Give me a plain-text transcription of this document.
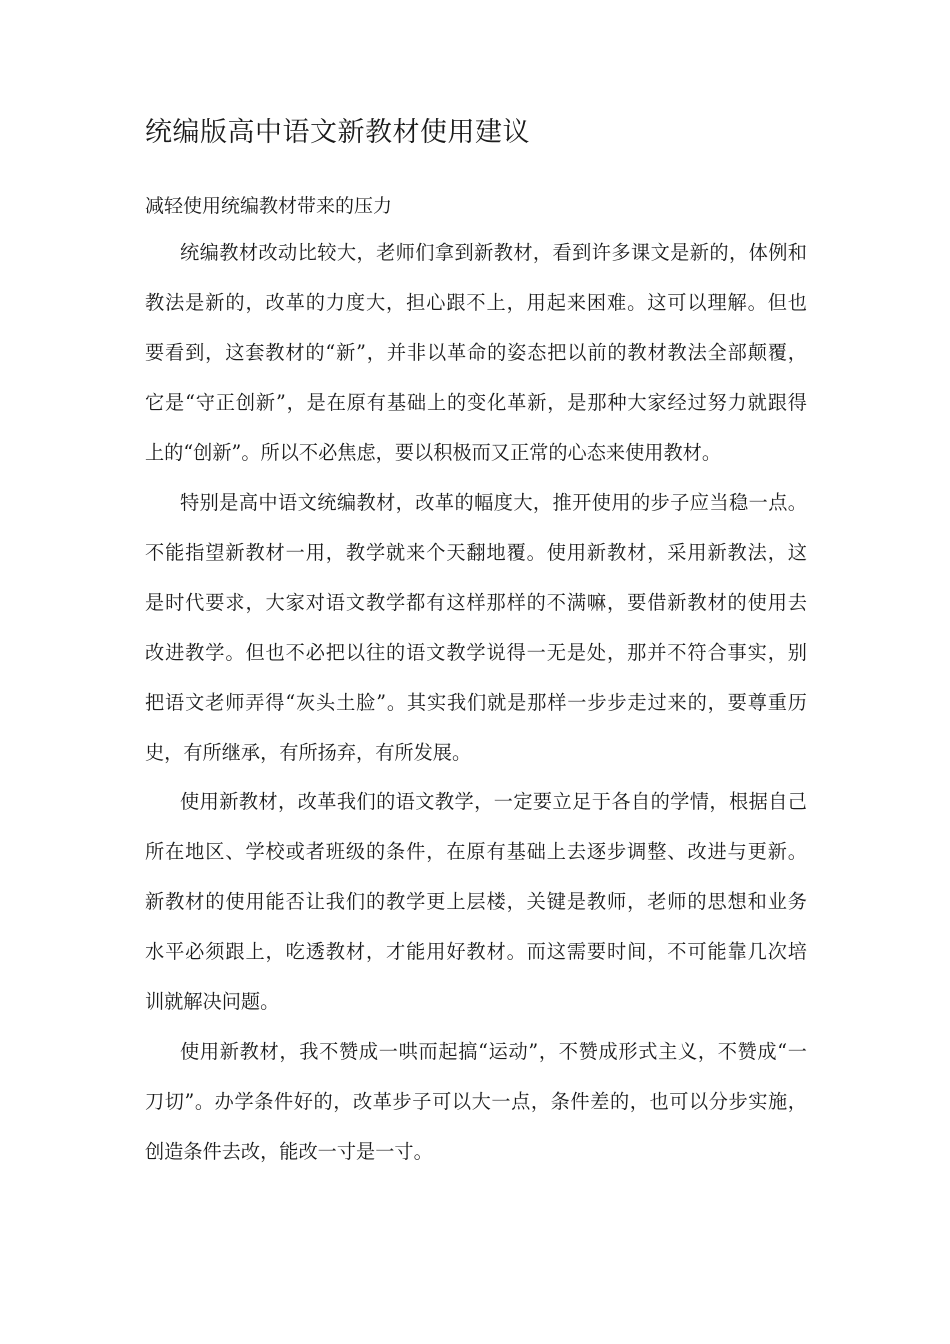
统编版高中语文新教材使用建议
减轻使用统编教材带来的压力
统编教材改动比较大，老师们拿到新教材，看到许多课文是新的，体例和
教法是新的，改革的力度大，担心跟不上，用起来困难。这可以理解。但也
要看到，这套教材的“新”，并非以革命的姿态把以前的教材教法全部颠覆，
它是“守正创新”，是在原有基础上的变化革新，是那种大家经过努力就跟得
上的“创新”。所以不必焦虑，要以积极而又正常的心态来使用教材。
特别是高中语文统编教材，改革的幅度大，推开使用的步子应当稳一点。
不能指望新教材一用，教学就来个天翻地覆。使用新教材，采用新教法，这
是时代要求，大家对语文教学都有这样那样的不满嘛，要借新教材的使用去
改进教学。但也不必把以往的语文教学说得一无是处，那并不符合事实，别
把语文老师弄得“灰头土脸”。其实我们就是那样一步步走过来的，要尊重历
史，有所继承，有所扬弃，有所发展。
使用新教材，改革我们的语文教学，一定要立足于各自的学情，根据自己
所在地区、学校或者班级的条件，在原有基础上去逐步调整、改进与更新。
新教材的使用能否让我们的教学更上层楼，关键是教师，老师的思想和业务
水平必须跟上，吃透教材，才能用好教材。而这需要时间，不可能靠几次培
训就解决问题。
使用新教材，我不赞成一哄而起搞“运动”，不赞成形式主义，不赞成“一
刀切”。办学条件好的，改革步子可以大一点，条件差的，也可以分步实施，
创造条件去改，能改一寸是一寸。
